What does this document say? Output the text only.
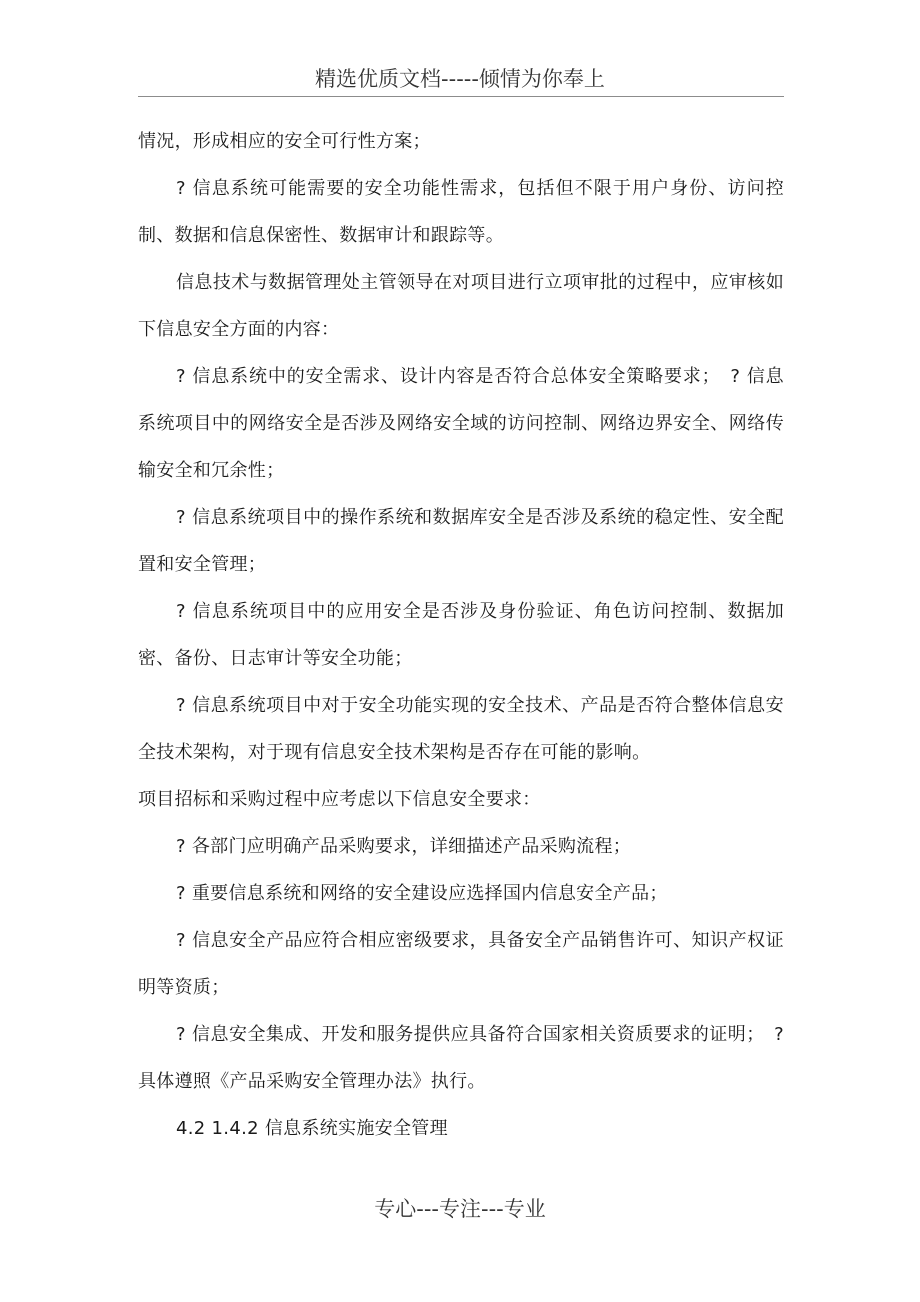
精选优质文档-----倾情为你奉上

情况，形成相应的安全可行性方案；

? 信息系统可能需要的安全功能性需求，包括但不限于用户身份、访问控制、数据和信息保密性、数据审计和跟踪等。

信息技术与数据管理处主管领导在对项目进行立项审批的过程中，应审核如下信息安全方面的内容：

? 信息系统中的安全需求、设计内容是否符合总体安全策略要求；　? 信息系统项目中的网络安全是否涉及网络安全域的访问控制、网络边界安全、网络传输安全和冗余性；

? 信息系统项目中的操作系统和数据库安全是否涉及系统的稳定性、安全配置和安全管理；

? 信息系统项目中的应用安全是否涉及身份验证、角色访问控制、数据加密、备份、日志审计等安全功能；

? 信息系统项目中对于安全功能实现的安全技术、产品是否符合整体信息安全技术架构，对于现有信息安全技术架构是否存在可能的影响。

项目招标和采购过程中应考虑以下信息安全要求：

? 各部门应明确产品采购要求，详细描述产品采购流程；

? 重要信息系统和网络的安全建设应选择国内信息安全产品；

? 信息安全产品应符合相应密级要求，具备安全产品销售许可、知识产权证明等资质；

? 信息安全集成、开发和服务提供应具备符合国家相关资质要求的证明；　? 具体遵照《产品采购安全管理办法》执行。

4.2 1.4.2 信息系统实施安全管理

专心---专注---专业
